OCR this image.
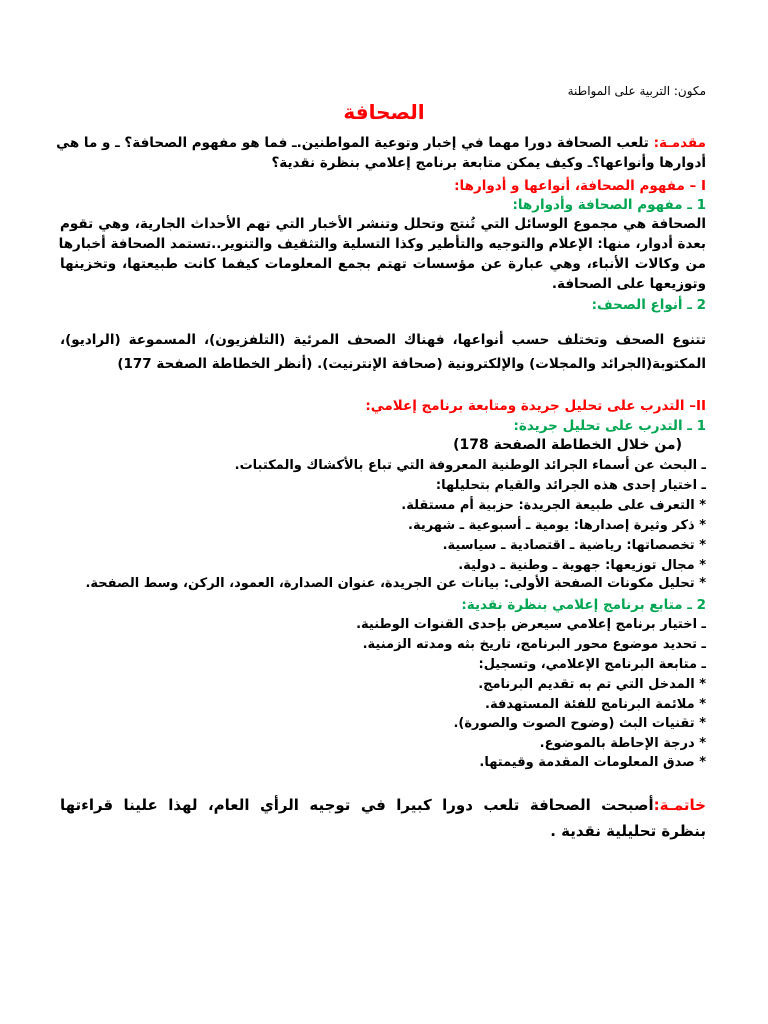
مكون: التربية على المواطنة
الصحافة
مقدمـة: تلعب الصحافة دورا مهما في إخبار وتوعية المواطنين.ـ فما هو مفهوم الصحافة؟ ـ و ما هي
أدوارها وأنواعها؟ـ وكيف يمكن متابعة برنامج إعلامي بنظرة نقدية؟
I – مفهوم الصحافة، أنواعها و أدوارها:
1 ـ مفهوم الصحافة وأدوارها:
الصحافة هي مجموع الوسائل التي تُنتج وتحلل وتنشر الأخبار التي تهم الأحداث الجارية، وهي تقوم
بعدة أدوار، منها: الإعلام والتوجيه والتأطير وكذا التسلية والتثقيف والتنوير..تستمد الصحافة أخبارها
من وكالات الأنباء، وهي عبارة عن مؤسسات تهتم بجمع المعلومات كيفما كانت طبيعتها، وتخزينها
وتوزيعها على الصحافة.
2 ـ أنواع الصحف:
تتنوع الصحف وتختلف حسب أنواعها، فهناك الصحف المرئية (التلفزيون)، المسموعة (الراديو)،
المكتوبة(الجرائد والمجلات) والإلكترونية (صحافة الإنترنيت). (أنظر الخطاطة الصفحة 177)
II– التدرب على تحليل جريدة ومتابعة برنامج إعلامي:
1 ـ التدرب على تحليل جريدة:
(من خلال الخطاطة الصفحة 178)
ـ البحث عن أسماء الجرائد الوطنية المعروفة التي تباع بالأكشاك والمكتبات.
ـ اختيار إحدى هذه الجرائد والقيام بتحليلها:
* التعرف على طبيعة الجريدة: حزبية أم مستقلة.
* ذكر وثيرة إصدارها: يومية ـ أسبوعية ـ شهرية.
* تخصصاتها: رياضية ـ اقتصادية ـ سياسية.
* مجال توزيعها: جهوية ـ وطنية ـ دولية.
* تحليل مكونات الصفحة الأولى: بيانات عن الجريدة، عنوان الصدارة، العمود، الركن، وسط الصفحة.
2 ـ متابع برنامج إعلامي بنظرة نقدية:
ـ اختيار برنامج إعلامي سيعرض بإحدى القنوات الوطنية.
ـ تحديد موضوع محور البرنامج، تاريخ بثه ومدته الزمنية.
ـ متابعة البرنامج الإعلامي، وتسجيل:
* المدخل التي تم به تقديم البرنامج.
* ملائمة البرنامج للفئة المستهدفة.
* تقنيات البث (وضوح الصوت والصورة).
* درجة الإحاطة بالموضوع.
* صدق المعلومات المقدمة وقيمتها.
خاتمـة:أصبحت الصحافة تلعب دورا كبيرا في توجيه الرأي العام، لهذا علينا قراءتها
بنظرة تحليلية نقدية .
